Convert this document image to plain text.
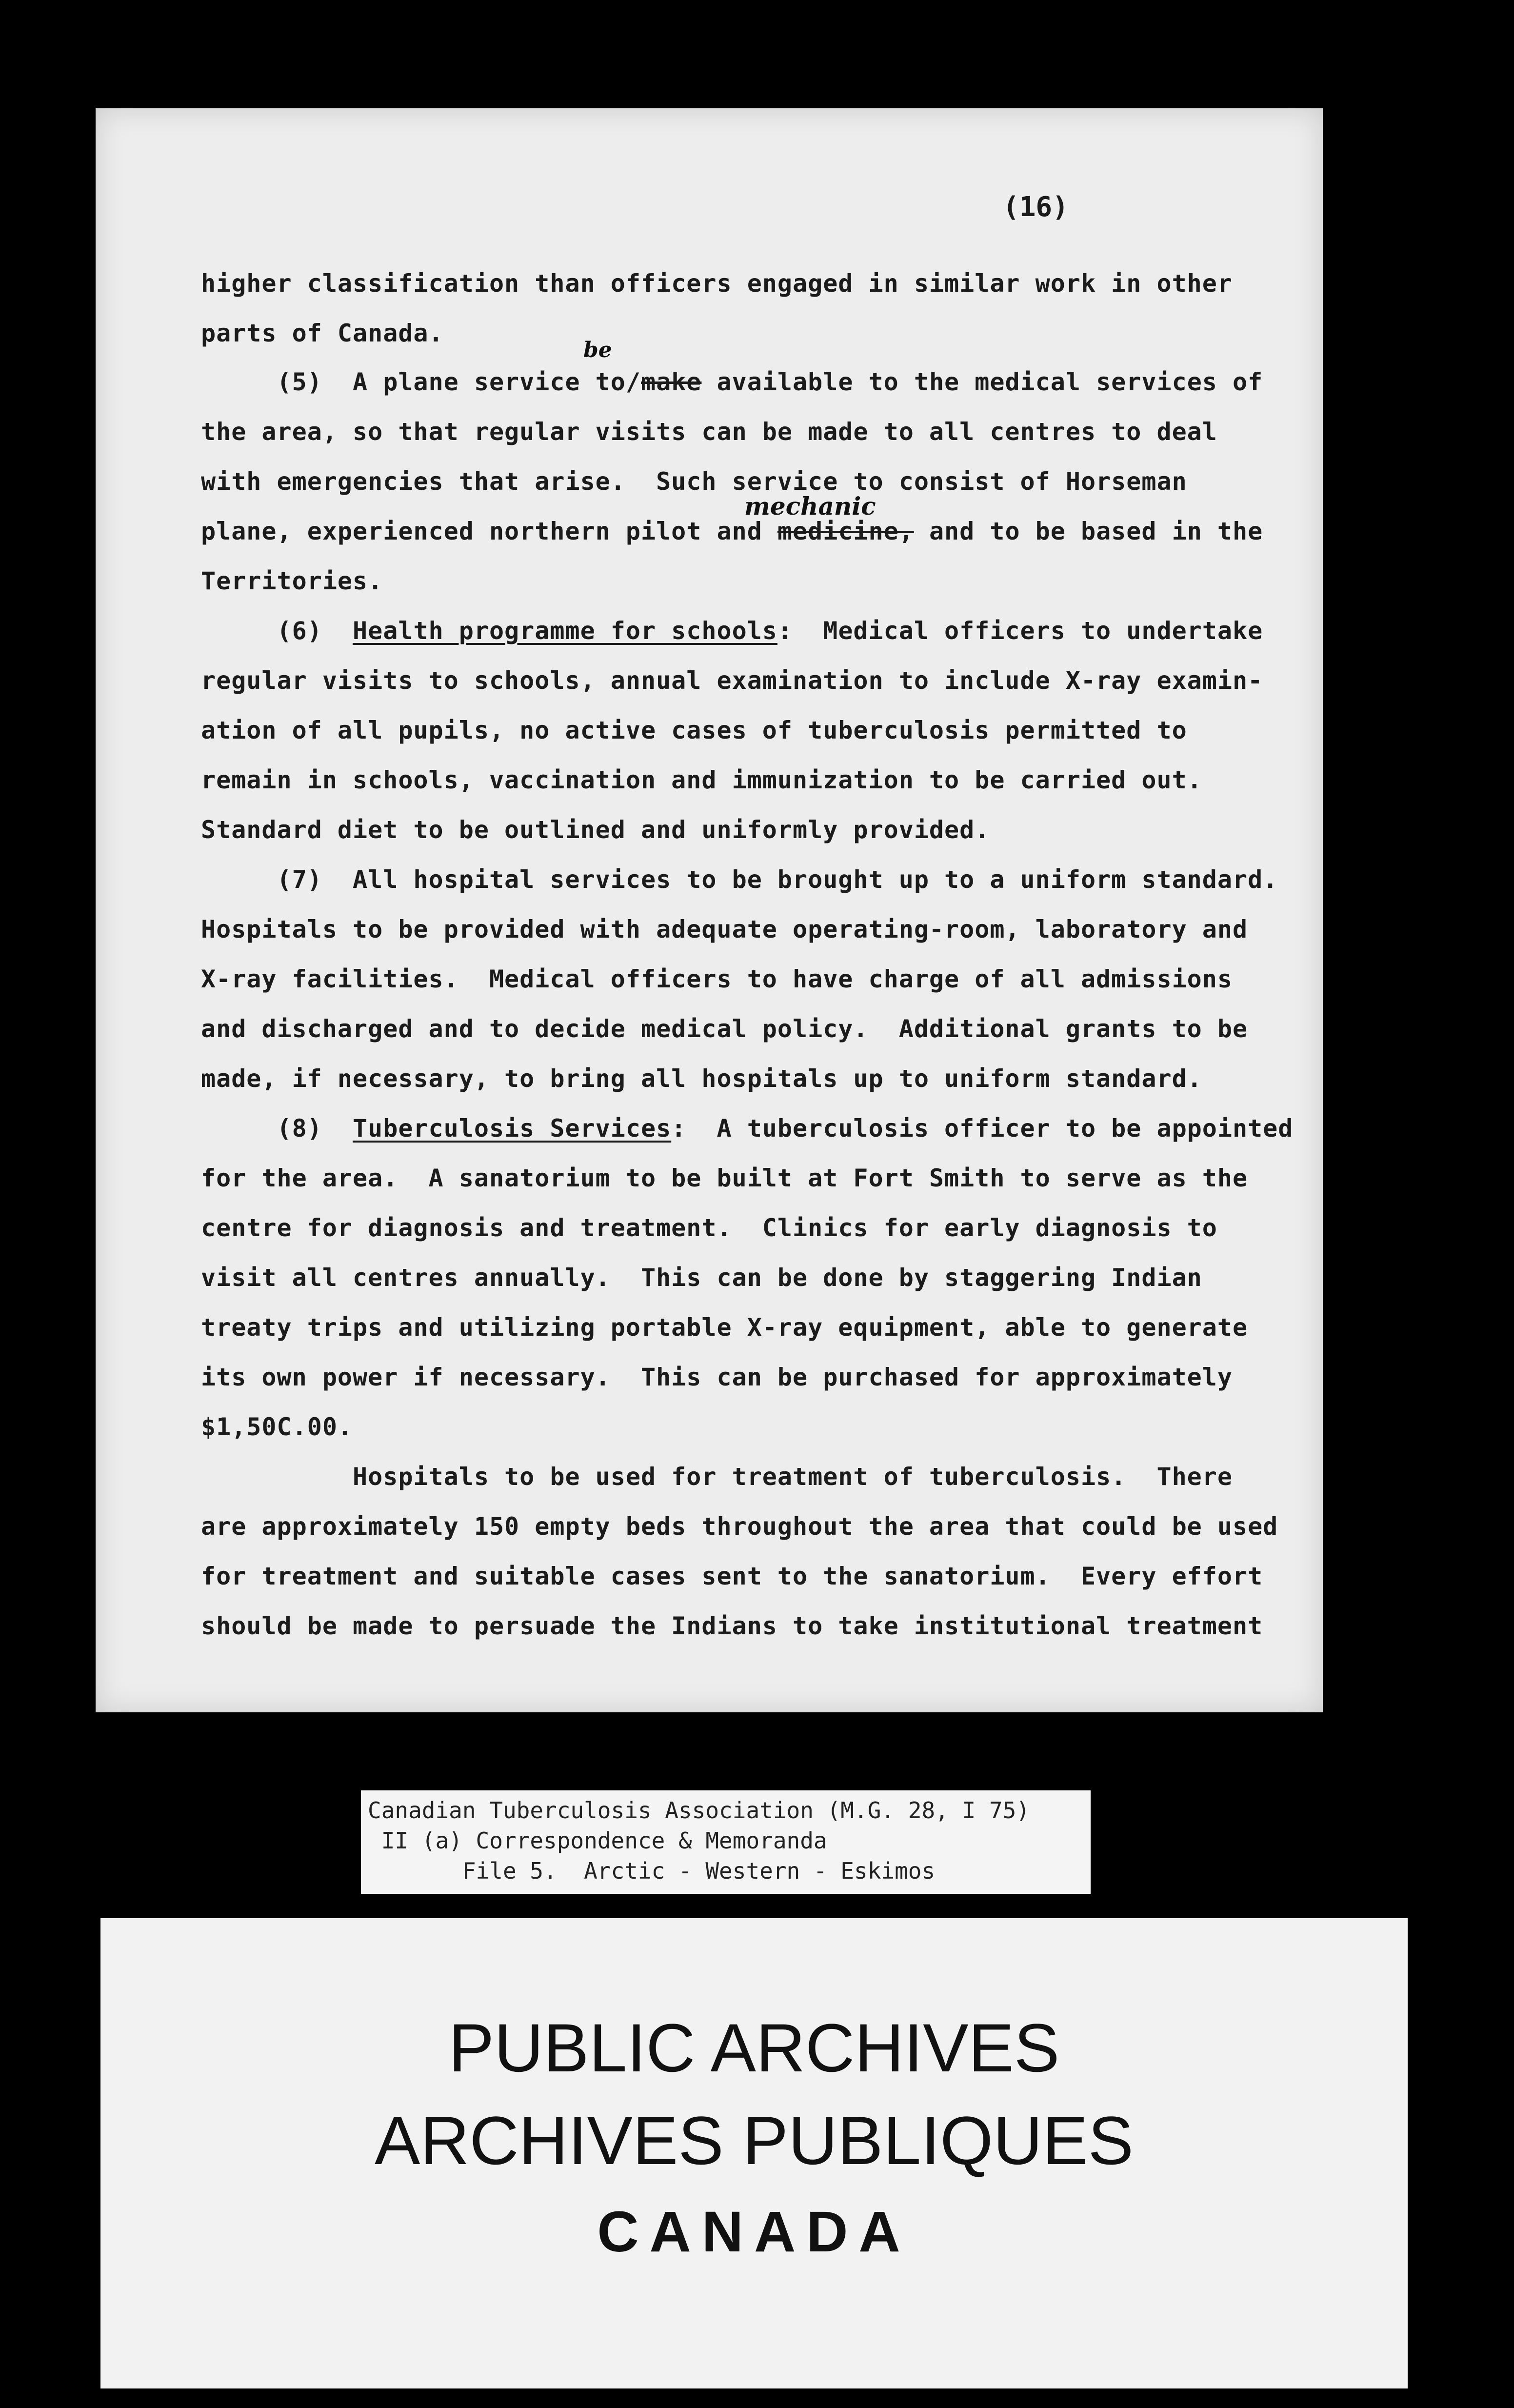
(16)
higher classification than officers engaged in similar work in other
parts of Canada.
be
(5)  A plane service to/make available to the medical services of
the area, so that regular visits can be made to all centres to deal
with emergencies that arise.  Such service to consist of Horseman
mechanic
plane, experienced northern pilot and medicine, and to be based in the
Territories.
(6)  Health programme for schools:  Medical officers to undertake
regular visits to schools, annual examination to include X-ray examin-
ation of all pupils, no active cases of tuberculosis permitted to
remain in schools, vaccination and immunization to be carried out.
Standard diet to be outlined and uniformly provided.
(7)  All hospital services to be brought up to a uniform standard.
Hospitals to be provided with adequate operating-room, laboratory and
X-ray facilities.  Medical officers to have charge of all admissions
and discharged and to decide medical policy.  Additional grants to be
made, if necessary, to bring all hospitals up to uniform standard.
(8)  Tuberculosis Services:  A tuberculosis officer to be appointed
for the area.  A sanatorium to be built at Fort Smith to serve as the
centre for diagnosis and treatment.  Clinics for early diagnosis to
visit all centres annually.  This can be done by staggering Indian
treaty trips and utilizing portable X-ray equipment, able to generate
its own power if necessary.  This can be purchased for approximately
$1,50C.00.
Hospitals to be used for treatment of tuberculosis.  There
are approximately 150 empty beds throughout the area that could be used
for treatment and suitable cases sent to the sanatorium.  Every effort
should be made to persuade the Indians to take institutional treatment
Canadian Tuberculosis Association (M.G. 28, I 75)
II (a) Correspondence & Memoranda
File 5.  Arctic - Western - Eskimos
PUBLIC ARCHIVES
ARCHIVES PUBLIQUES
CANADA
